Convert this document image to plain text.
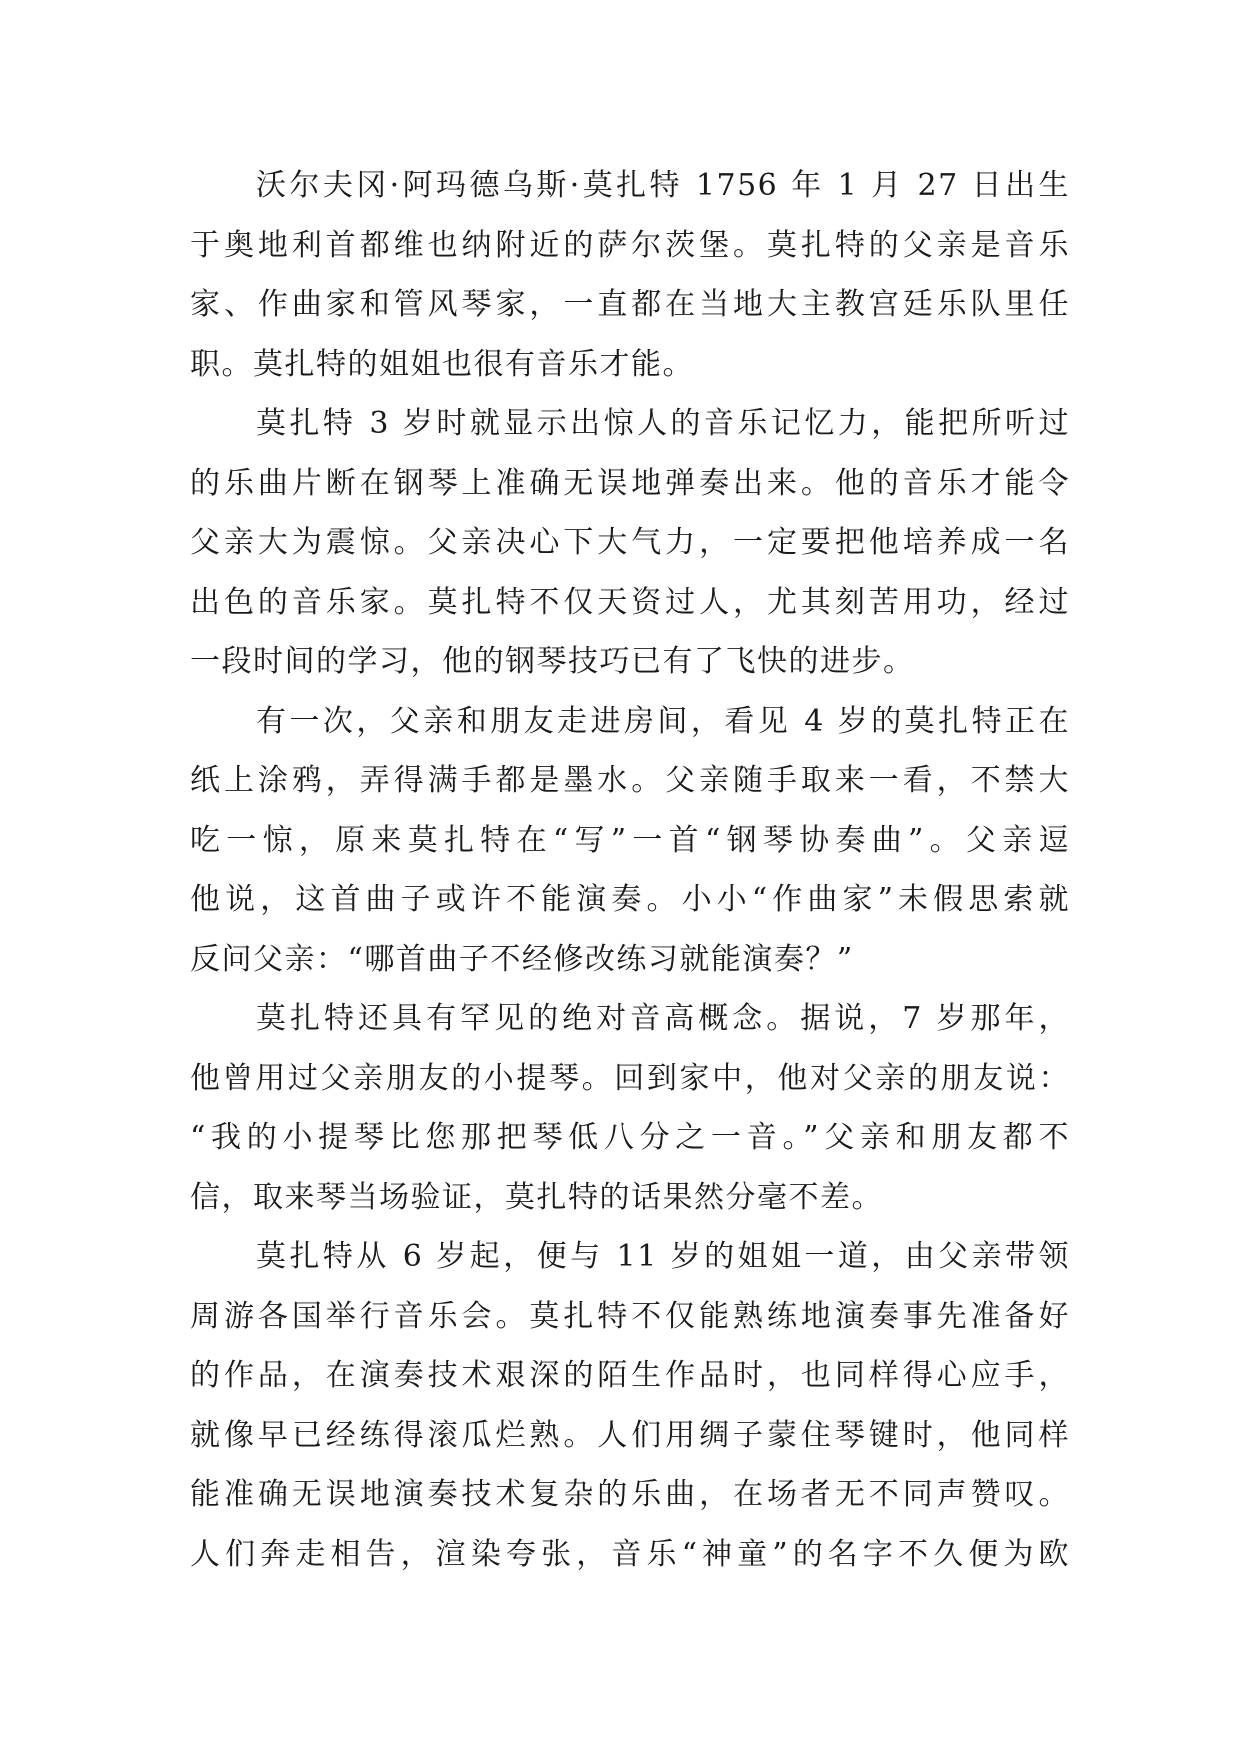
沃尔夫冈·阿玛德乌斯·莫扎特 1756 年 1 月 27 日出生
于奥地利首都维也纳附近的萨尔茨堡。莫扎特的父亲是音乐
家、作曲家和管风琴家，一直都在当地大主教宫廷乐队里任
职。莫扎特的姐姐也很有音乐才能。
莫扎特 3 岁时就显示出惊人的音乐记忆力，能把所听过
的乐曲片断在钢琴上准确无误地弹奏出来。他的音乐才能令
父亲大为震惊。父亲决心下大气力，一定要把他培养成一名
出色的音乐家。莫扎特不仅天资过人，尤其刻苦用功，经过
一段时间的学习，他的钢琴技巧已有了飞快的进步。
有一次，父亲和朋友走进房间，看见 4 岁的莫扎特正在
纸上涂鸦，弄得满手都是墨水。父亲随手取来一看，不禁大
吃一惊，原来莫扎特在“写”一首“钢琴协奏曲”。父亲逗
他说，这首曲子或许不能演奏。小小“作曲家”未假思索就
反问父亲：“哪首曲子不经修改练习就能演奏？”
莫扎特还具有罕见的绝对音高概念。据说，7 岁那年，
他曾用过父亲朋友的小提琴。回到家中，他对父亲的朋友说：
“我的小提琴比您那把琴低八分之一音。”父亲和朋友都不
信，取来琴当场验证，莫扎特的话果然分毫不差。
莫扎特从 6 岁起，便与 11 岁的姐姐一道，由父亲带领
周游各国举行音乐会。莫扎特不仅能熟练地演奏事先准备好
的作品，在演奏技术艰深的陌生作品时，也同样得心应手，
就像早已经练得滚瓜烂熟。人们用绸子蒙住琴键时，他同样
能准确无误地演奏技术复杂的乐曲，在场者无不同声赞叹。
人们奔走相告，渲染夸张，音乐“神童”的名字不久便为欧
